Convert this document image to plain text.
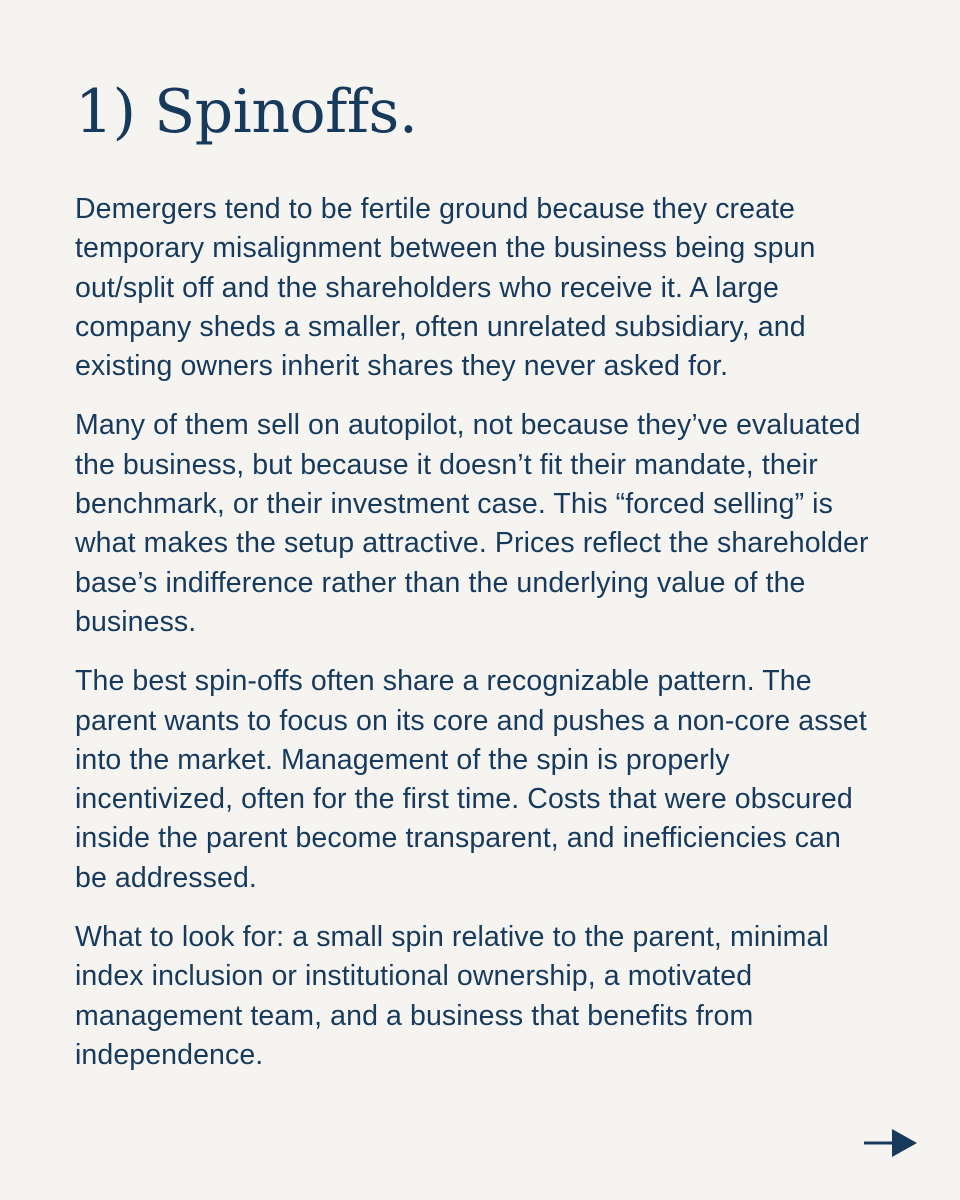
1) Spinoffs.

Demergers tend to be fertile ground because they create temporary misalignment between the business being spun out/split off and the shareholders who receive it. A large company sheds a smaller, often unrelated subsidiary, and existing owners inherit shares they never asked for.

Many of them sell on autopilot, not because they’ve evaluated the business, but because it doesn’t fit their mandate, their benchmark, or their investment case. This “forced selling” is what makes the setup attractive. Prices reflect the shareholder base’s indifference rather than the underlying value of the business.

The best spin-offs often share a recognizable pattern. The parent wants to focus on its core and pushes a non-core asset into the market. Management of the spin is properly incentivized, often for the first time. Costs that were obscured inside the parent become transparent, and inefficiencies can be addressed.

What to look for: a small spin relative to the parent, minimal index inclusion or institutional ownership, a motivated management team, and a business that benefits from independence.
